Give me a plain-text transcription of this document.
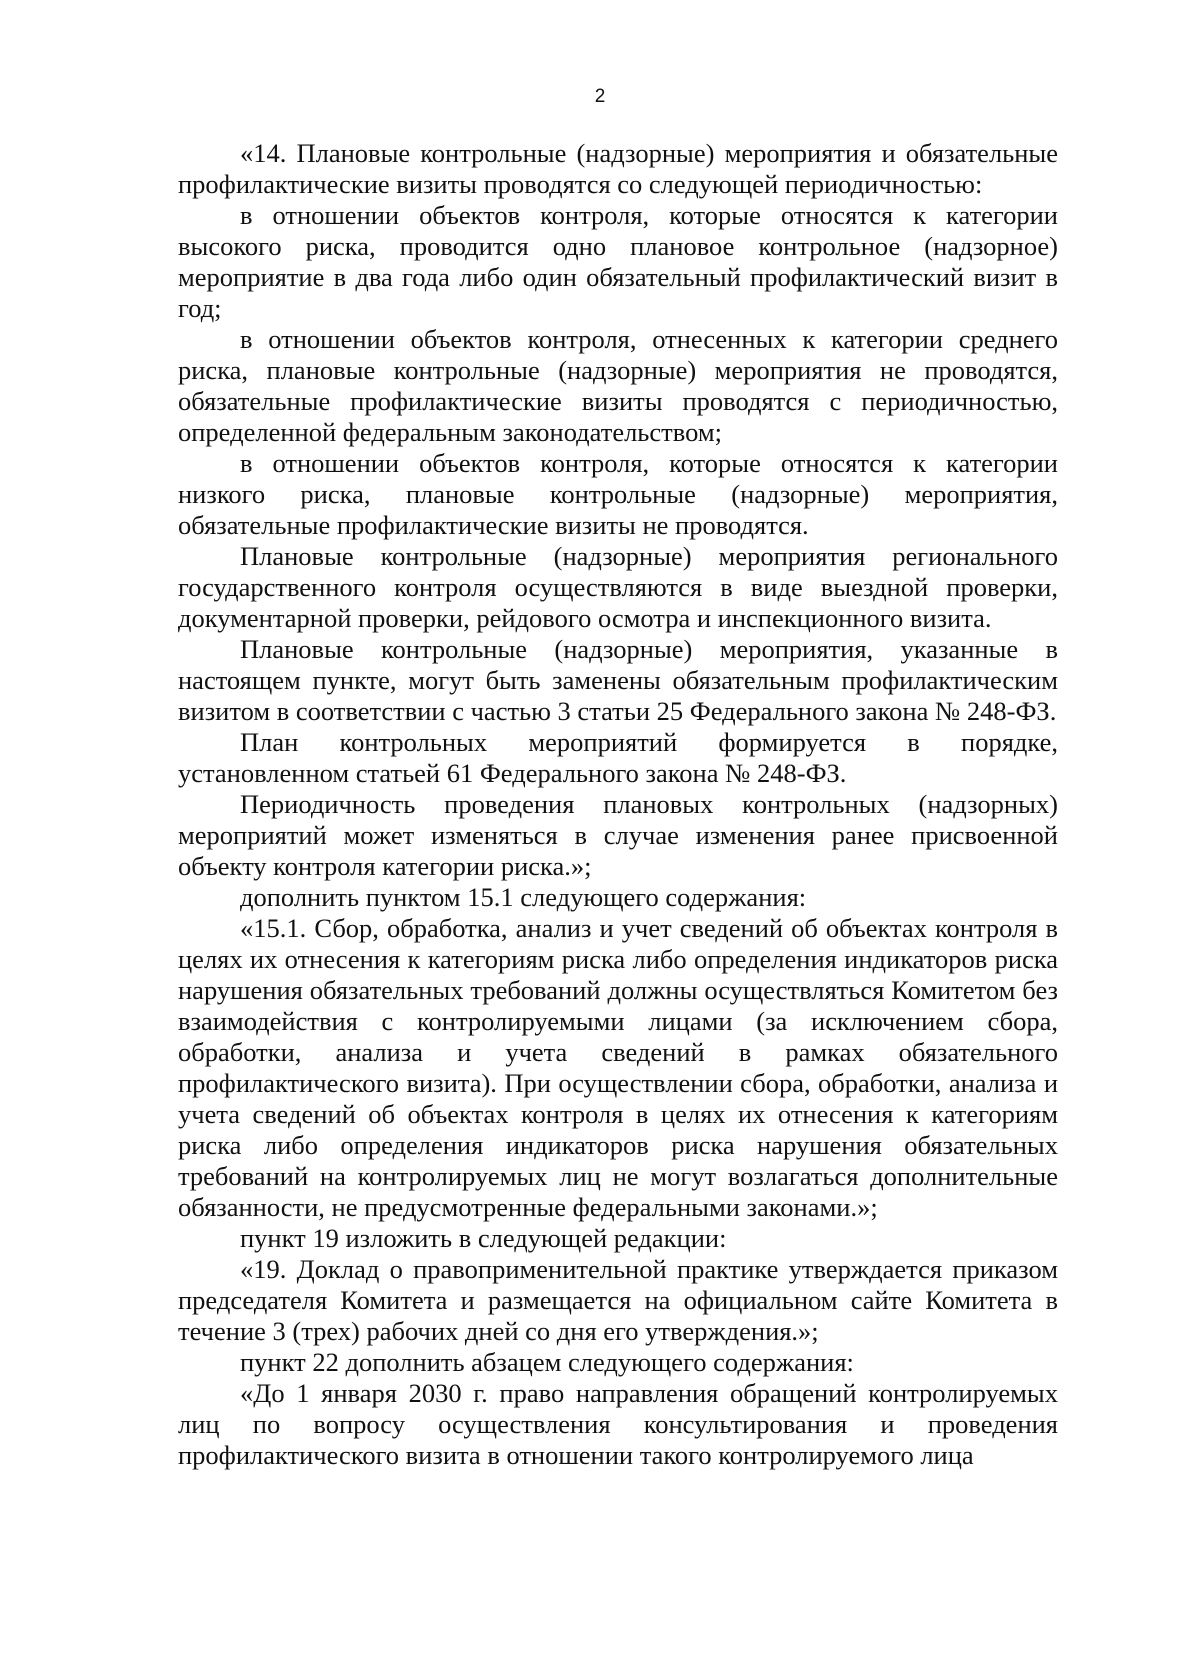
2

«14. Плановые контрольные (надзорные) мероприятия и обязательные профилактические визиты проводятся со следующей периодичностью:

в отношении объектов контроля, которые относятся к категории высокого риска, проводится одно плановое контрольное (надзорное) мероприятие в два года либо один обязательный профилактический визит в год;

в отношении объектов контроля, отнесенных к категории среднего риска, плановые контрольные (надзорные) мероприятия не проводятся, обязательные профилактические визиты проводятся с периодичностью, определенной федеральным законодательством;

в отношении объектов контроля, которые относятся к категории низкого риска, плановые контрольные (надзорные) мероприятия, обязательные профилактические визиты не проводятся.

Плановые контрольные (надзорные) мероприятия регионального государственного контроля осуществляются в виде выездной проверки, документарной проверки, рейдового осмотра и инспекционного визита.

Плановые контрольные (надзорные) мероприятия, указанные в настоящем пункте, могут быть заменены обязательным профилактическим визитом в соответствии с частью 3 статьи 25 Федерального закона № 248-ФЗ.

План контрольных мероприятий формируется в порядке, установленном статьей 61 Федерального закона № 248-ФЗ.

Периодичность проведения плановых контрольных (надзорных) мероприятий может изменяться в случае изменения ранее присвоенной объекту контроля категории риска.»;

дополнить пунктом 15.1 следующего содержания:

«15.1. Сбор, обработка, анализ и учет сведений об объектах контроля в целях их отнесения к категориям риска либо определения индикаторов риска нарушения обязательных требований должны осуществляться Комитетом без взаимодействия с контролируемыми лицами (за исключением сбора, обработки, анализа и учета сведений в рамках обязательного профилактического визита). При осуществлении сбора, обработки, анализа и учета сведений об объектах контроля в целях их отнесения к категориям риска либо определения индикаторов риска нарушения обязательных требований на контролируемых лиц не могут возлагаться дополнительные обязанности, не предусмотренные федеральными законами.»;

пункт 19 изложить в следующей редакции:

«19. Доклад о правоприменительной практике утверждается приказом председателя Комитета и размещается на официальном сайте Комитета в течение 3 (трех) рабочих дней со дня его утверждения.»;

пункт 22 дополнить абзацем следующего содержания:

«До 1 января 2030 г. право направления обращений контролируемых лиц по вопросу осуществления консультирования и проведения профилактического визита в отношении такого контролируемого лица
